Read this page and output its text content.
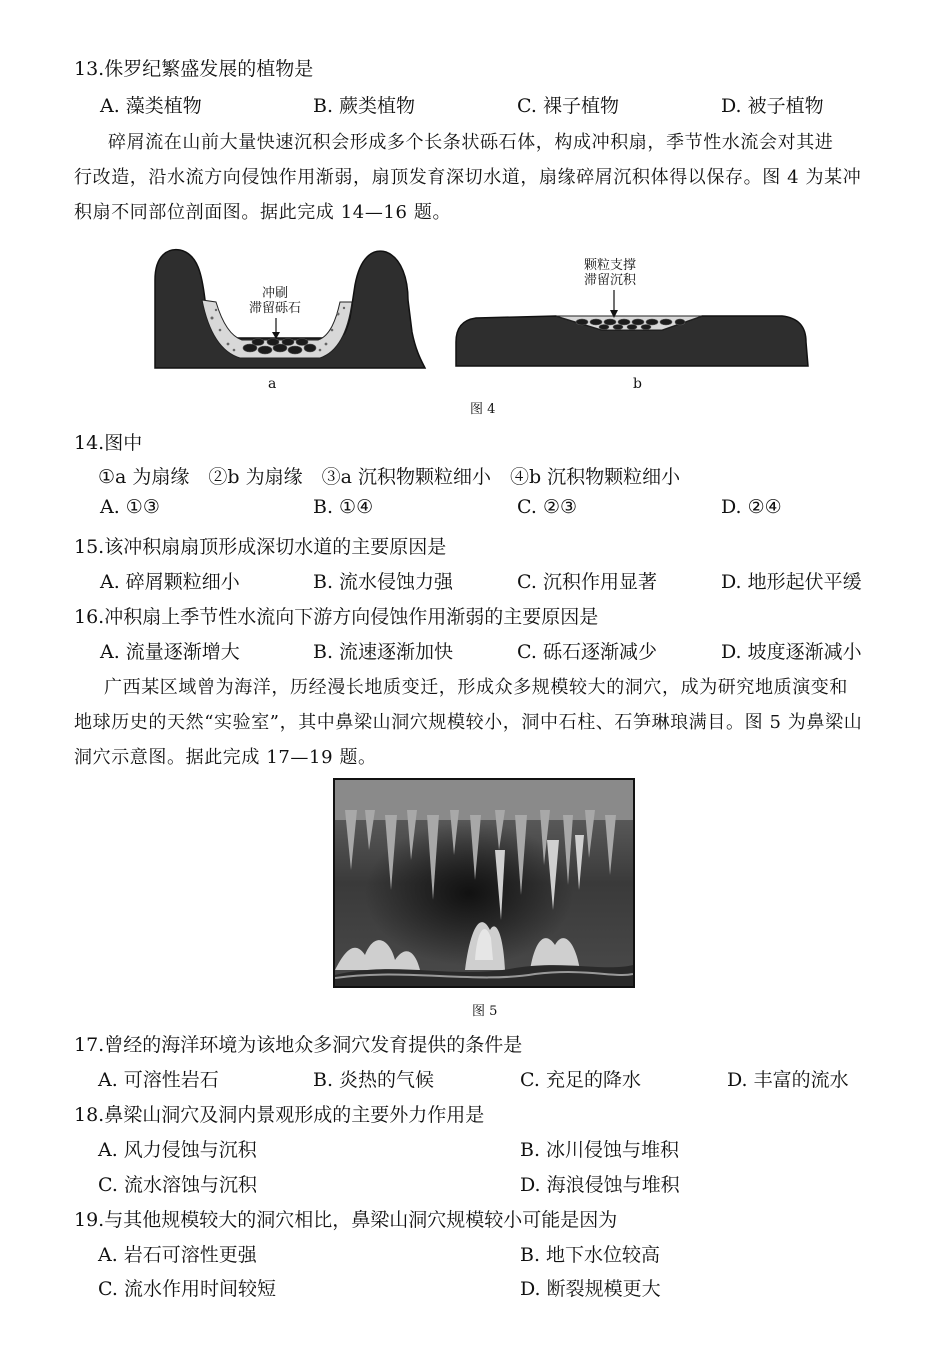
13.侏罗纪繁盛发展的植物是
A. 藻类植物	B. 蕨类植物	C. 裸子植物	D. 被子植物
碎屑流在山前大量快速沉积会形成多个长条状砾石体，构成冲积扇，季节性水流会对其进
行改造，沿水流方向侵蚀作用渐弱，扇顶发育深切水道，扇缘碎屑沉积体得以保存。图 4 为某冲
积扇不同部位剖面图。据此完成 14—16 题。
冲刷
滞留砾石
a
颗粒支撑
滞留沉积
b
图 4
14.图中
①a 为扇缘　②b 为扇缘　③a 沉积物颗粒细小　④b 沉积物颗粒细小
A. ①③	B. ①④	C. ②③	D. ②④
15.该冲积扇扇顶形成深切水道的主要原因是
A. 碎屑颗粒细小	B. 流水侵蚀力强	C. 沉积作用显著	D. 地形起伏平缓
16.冲积扇上季节性水流向下游方向侵蚀作用渐弱的主要原因是
A. 流量逐渐增大	B. 流速逐渐加快	C. 砾石逐渐减少	D. 坡度逐渐减小
广西某区域曾为海洋，历经漫长地质变迁，形成众多规模较大的洞穴，成为研究地质演变和
地球历史的天然“实验室”，其中鼻梁山洞穴规模较小，洞中石柱、石笋琳琅满目。图 5 为鼻梁山
洞穴示意图。据此完成 17—19 题。
图 5
17.曾经的海洋环境为该地众多洞穴发育提供的条件是
A. 可溶性岩石	B. 炎热的气候	C. 充足的降水	D. 丰富的流水
18.鼻梁山洞穴及洞内景观形成的主要外力作用是
A. 风力侵蚀与沉积	B. 冰川侵蚀与堆积
C. 流水溶蚀与沉积	D. 海浪侵蚀与堆积
19.与其他规模较大的洞穴相比，鼻梁山洞穴规模较小可能是因为
A. 岩石可溶性更强	B. 地下水位较高
C. 流水作用时间较短	D. 断裂规模更大
